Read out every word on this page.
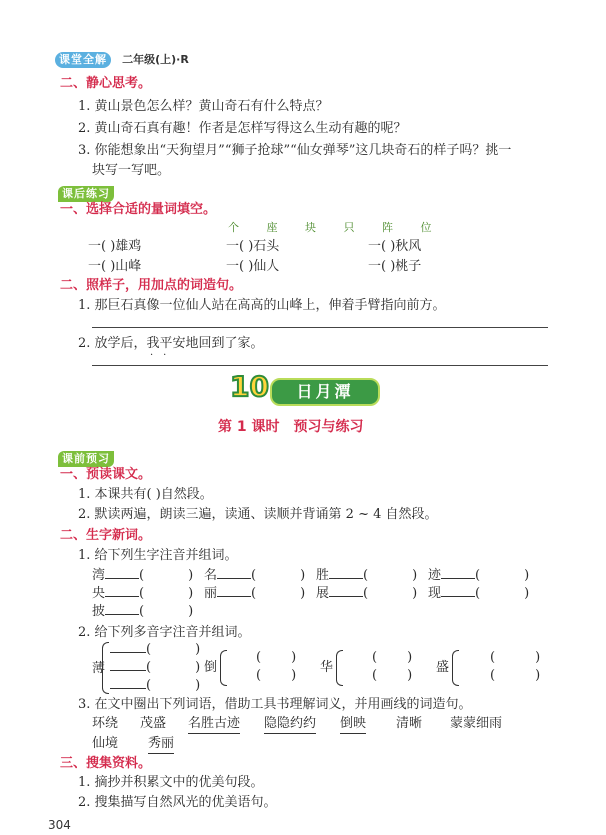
课堂全解 二年级(上)·R
二、静心思考。
1. 黄山景色怎么样？黄山奇石有什么特点？
2. 黄山奇石真有趣！作者是怎样写得这么生动有趣的呢？
3. 你能想象出“天狗望月”“狮子抢球”“仙女弹琴”这几块奇石的样子吗？挑一
块写一写吧。
课后练习
一、选择合适的量词填空。
个 座 块 只 阵 位
一( )雄鸡	一( )石头	一( )秋风
一( )山峰	一( )仙人	一( )桃子
二、照样子，用加点的词造句。
1. 那巨石真像一位仙人站在高高的山峰上，伸着手臂指向前方。
2. 放学后，我平安地回到了家。
··
10	日月潭
第 1 课时　预习与练习
课前预习
一、预读课文。
1. 本课共有( )自然段。
2. 默读两遍，朗读三遍，读通、读顺并背诵第 2 ~ 4 自然段。
二、生字新词。
1. 给下列生字注音并组词。
湾	(	) 名	(	) 胜	(	) 迹	(	)
央	(	) 丽	(	) 展	(	) 现	(	)
披	(	)
2. 给下列多音字注音并组词。
薄
(	)
(	)
(	)
倒
( )
( )
华
( )
( )
盛
(	)
(	)
3. 在文中圈出下列词语，借助工具书理解词义，并用画线的词造句。
环绕 茂盛 名胜古迹 隐隐约约 倒映 清晰 蒙蒙细雨
仙境 秀丽
三、搜集资料。
1. 摘抄并积累文中的优美句段。
2. 搜集描写自然风光的优美语句。
304
